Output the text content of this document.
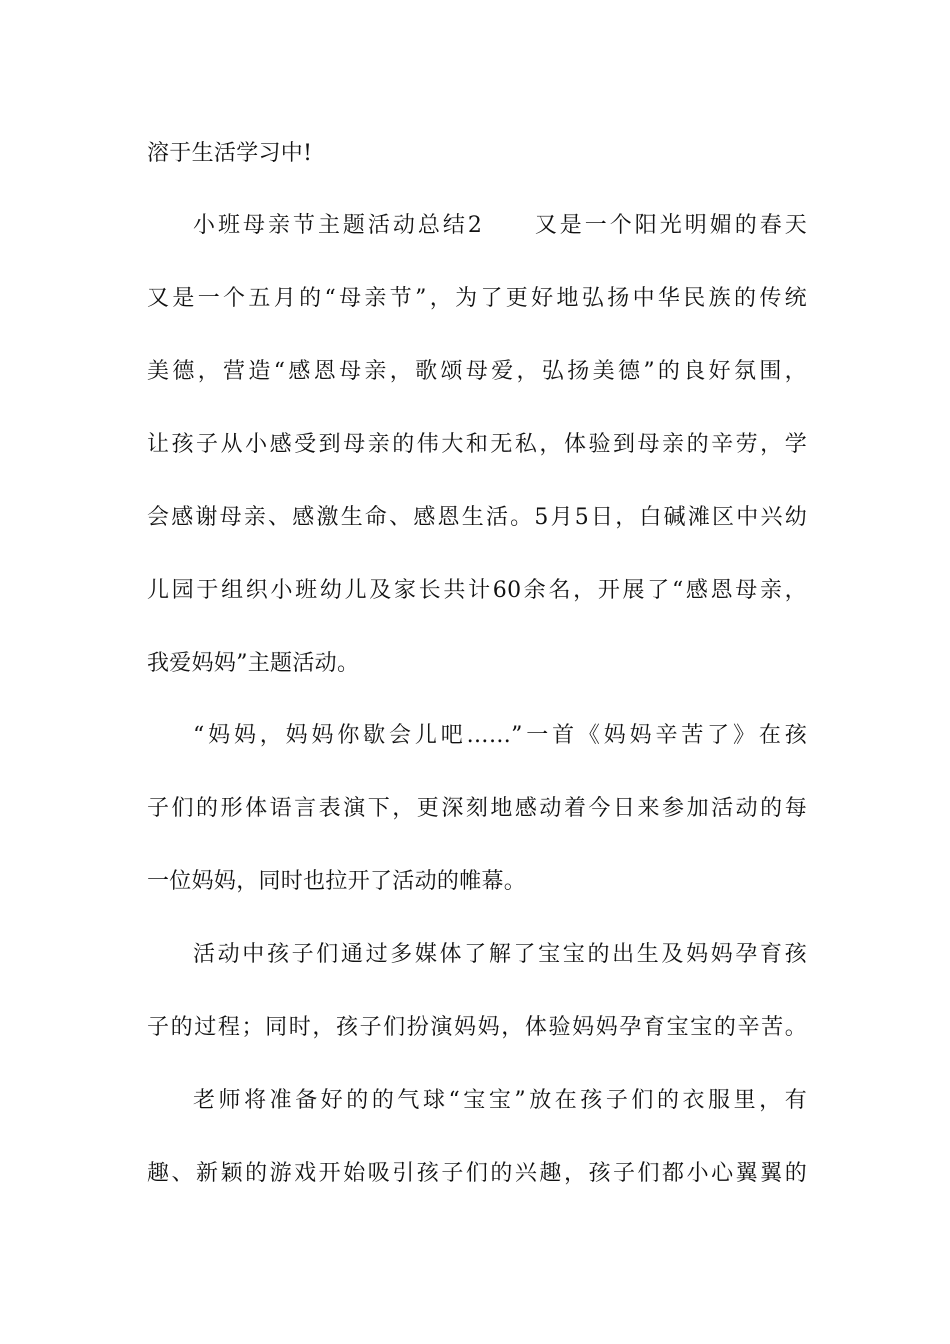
溶于生活学习中!
小班母亲节主题活动总结2　　又是一个阳光明媚的春天
又是一个五月的“母亲节”，为了更好地弘扬中华民族的传统
美德，营造“感恩母亲，歌颂母爱，弘扬美德”的良好氛围，
让孩子从小感受到母亲的伟大和无私，体验到母亲的辛劳，学
会感谢母亲、感激生命、感恩生活。5月5日，白碱滩区中兴幼
儿园于组织小班幼儿及家长共计60余名，开展了“感恩母亲，
我爱妈妈”主题活动。
“妈妈，妈妈你歇会儿吧……”一首《妈妈辛苦了》在孩
子们的形体语言表演下，更深刻地感动着今日来参加活动的每
一位妈妈，同时也拉开了活动的帷幕。
活动中孩子们通过多媒体了解了宝宝的出生及妈妈孕育孩
子的过程；同时，孩子们扮演妈妈，体验妈妈孕育宝宝的辛苦。
老师将准备好的的气球“宝宝”放在孩子们的衣服里，有
趣、新颖的游戏开始吸引孩子们的兴趣，孩子们都小心翼翼的
